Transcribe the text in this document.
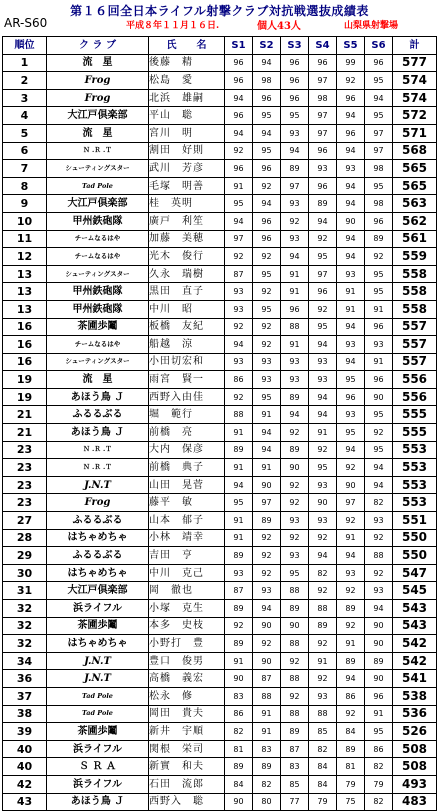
第１６回全日本ライフル射撃クラブ対抗戦選抜成績表
AR-S60	平成８年１１月１６日.	個人43人	山梨県射撃場
順位	ク ラ ブ	氏　　名	S1	S2	S3	S4	S5	S6	計
1	流　星	後藤　精	96	94	96	96	99	96	577
2	Frog	松島　愛	96	98	96	97	92	95	574
3	Frog	北浜　雄嗣	94	96	96	98	96	94	574
4	大江戸倶楽部	平山　聡	96	95	95	97	94	95	572
5	流　星	宮川　明	94	94	93	97	96	97	571
6	Ｎ .Ｒ .Ｔ	割田　好則	92	95	94	96	94	97	568
7	シューティングスター	武川　芳彦	96	96	89	93	93	98	565
8	Tad Pole	毛塚　明善	91	92	97	96	94	95	565
9	大江戸倶楽部	桂　英明	95	94	93	89	94	98	563
10	甲州鉄砲隊	廣戸　利笙	94	96	92	94	90	96	562
11	チームなるはや	加藤　美穂	97	96	93	92	94	89	561
12	チームなるはや	光木　俊行	92	92	94	95	94	92	559
13	シューティングスター	久永　瑞樹	87	95	91	97	93	95	558
13	甲州鉄砲隊	黒田　直子	93	92	91	96	91	95	558
13	甲州鉄砲隊	中川　昭	93	95	96	92	91	91	558
16	茶圃歩鬮	板橋　友紀	92	92	88	95	94	96	557
16	チームなるはや	船越　涼	94	92	91	94	93	93	557
16	シューティングスター	小田切宏和	93	93	93	93	94	91	557
19	流　星	雨宮　賢一	86	93	93	93	95	96	556
19	あほう鳥 Ｊ	西野入由佳	92	95	89	94	96	90	556
21	ふるるぶる	堀　範行	88	91	94	94	93	95	555
21	あほう鳥 Ｊ	前橋　亮	91	94	92	91	95	92	555
23	Ｎ .Ｒ .Ｔ	大内　保彦	89	94	89	92	94	95	553
23	Ｎ .Ｒ .Ｔ	前橋　典子	91	91	90	95	92	94	553
23	J.N.T	山田　晃菅	94	90	92	93	90	94	553
23	Frog	藤平　敏	95	97	92	90	97	82	553
27	ふるるぶる	山本　郁子	91	89	93	93	92	93	551
28	はちゃめちゃ	小林　靖幸	91	92	92	92	91	92	550
29	ふるるぶる	吉田　亨	89	92	93	94	94	88	550
30	はちゃめちゃ	中川　克己	93	92	95	82	93	92	547
31	大江戸倶楽部	岡　徹也	87	93	88	92	92	93	545
32	浜ライフル	小塚　克生	89	94	89	88	89	94	543
32	茶圃歩鬮	本多　史枝	92	90	90	89	92	90	543
32	はちゃめちゃ	小野打　豊	89	92	88	92	91	90	542
34	J.N.T	豊口　俊男	91	90	92	91	89	89	542
36	J.N.T	高橋　義宏	90	87	88	92	94	90	541
37	Tad Pole	松永　修	83	88	92	93	86	96	538
38	Tad Pole	岡田　貴夫	86	91	88	88	92	91	536
39	茶圃歩鬮	新井　宇順	82	91	89	85	84	95	526
40	浜ライフル	関根　栄司	81	83	87	82	89	86	508
40	Ｓ Ｒ Ａ	新實　和夫	89	89	83	84	81	82	508
42	浜ライフル	石田　流郎	84	82	85	84	79	79	493
43	あほう鳥 Ｊ	西野入　聡	90	80	77	79	75	82	483
